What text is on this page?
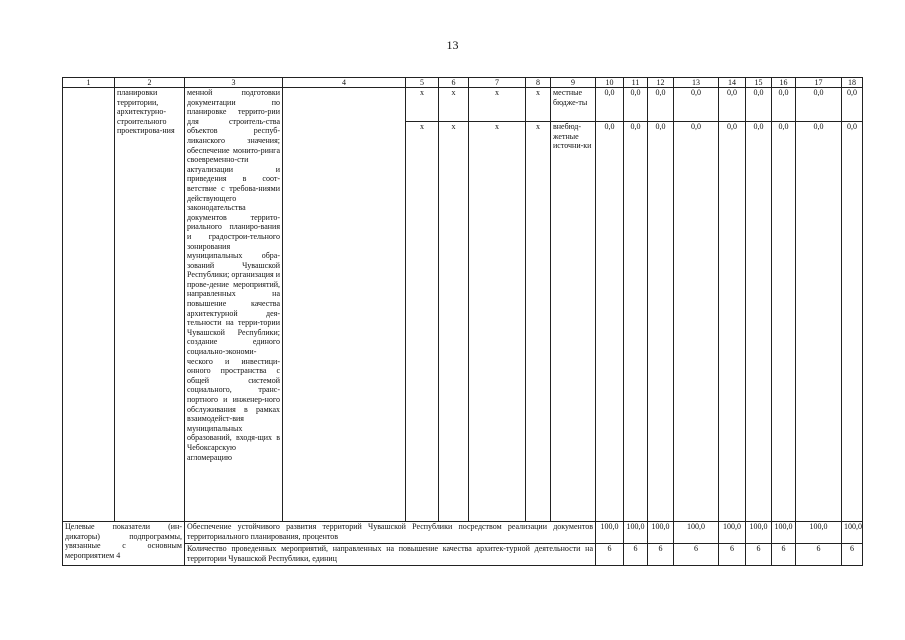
13
1	2	3	4	5	6	7	8	9	10	11	12	13	14	15	16	17	18
	планировки территории, архитектурно-строительного проектирова-ния	менной подготовки документации по планировке террито-рии для строитель-ства объектов респуб-ликанского значения; обеспечение монито-ринга своевременно-сти актуализации и приведения в соот-ветствие с требова-ниями действующего законодательства документов террито-риального планиро-вания и градострои-тельного зонирования муниципальных обра-зований Чувашской Республики; организация и прове-дение мероприятий, направленных на повышение качества архитектурной дея-тельности на терри-тории Чувашской Республики; создание единого социально-экономи-ческого и инвестици-онного пространства с общей системой социального, транс-портного и инженер-ного обслуживания в рамках взаимодейст-вия муниципальных образований, входя-щих в Чебоксарскую агломерацию		х	х	х	х	местные бюдже-ты	0,0	0,0	0,0	0,0	0,0	0,0	0,0	0,0	0,0
				х	х	х	х	внебюд-жетные источни-ки	0,0	0,0	0,0	0,0	0,0	0,0	0,0	0,0	0,0
Целевые показатели (ин-дикаторы) подпрограммы, увязанные с основным мероприятием 4		Обеспечение устойчивого развития территорий Чувашской Республики посредством реализации документов территориального планирования, процентов							100,0	100,0	100,0	100,0	100,0	100,0	100,0	100,0	100,0
		Количество проведенных мероприятий, направленных на повышение качества архитек-турной деятельности на территории Чувашской Республики, единиц							6	6	6	6	6	6	6	6	6
